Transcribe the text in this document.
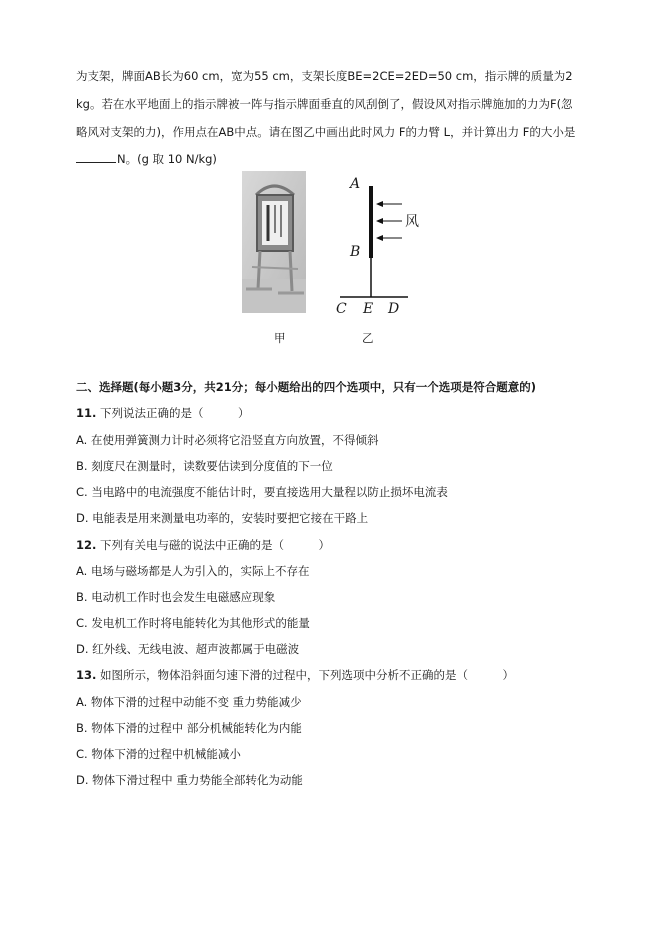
为支架，牌面AB长为60 cm，宽为55 cm，支架长度BE=2CE=2ED=50 cm，指示牌的质量为2
kg。若在水平地面上的指示牌被一阵与指示牌面垂直的风刮倒了，假设风对指示牌施加的力为F(忽
略风对支架的力)，作用点在AB中点。请在图乙中画出此时风力 F的力臂 L，并计算出力 F的大小是
N。(g 取 10 N/kg)
A
B
风
C E D
甲	乙
二、选择题(每小题3分，共21分；每小题给出的四个选项中，只有一个选项是符合题意的)
11. 下列说法正确的是（　　　）
A. 在使用弹簧测力计时必须将它沿竖直方向放置，不得倾斜
B. 刻度尺在测量时，读数要估读到分度值的下一位
C. 当电路中的电流强度不能估计时，要直接选用大量程以防止损坏电流表
D. 电能表是用来测量电功率的，安装时要把它接在干路上
12. 下列有关电与磁的说法中正确的是（　　　）
A. 电场与磁场都是人为引入的，实际上不存在
B. 电动机工作时也会发生电磁感应现象
C. 发电机工作时将电能转化为其他形式的能量
D. 红外线、无线电波、超声波都属于电磁波
13. 如图所示，物体沿斜面匀速下滑的过程中，下列选项中分析不正确的是（　　　）
A. 物体下滑的过程中动能不变 重力势能减少
B. 物体下滑的过程中 部分机械能转化为内能
C. 物体下滑的过程中机械能减小
D. 物体下滑过程中 重力势能全部转化为动能
